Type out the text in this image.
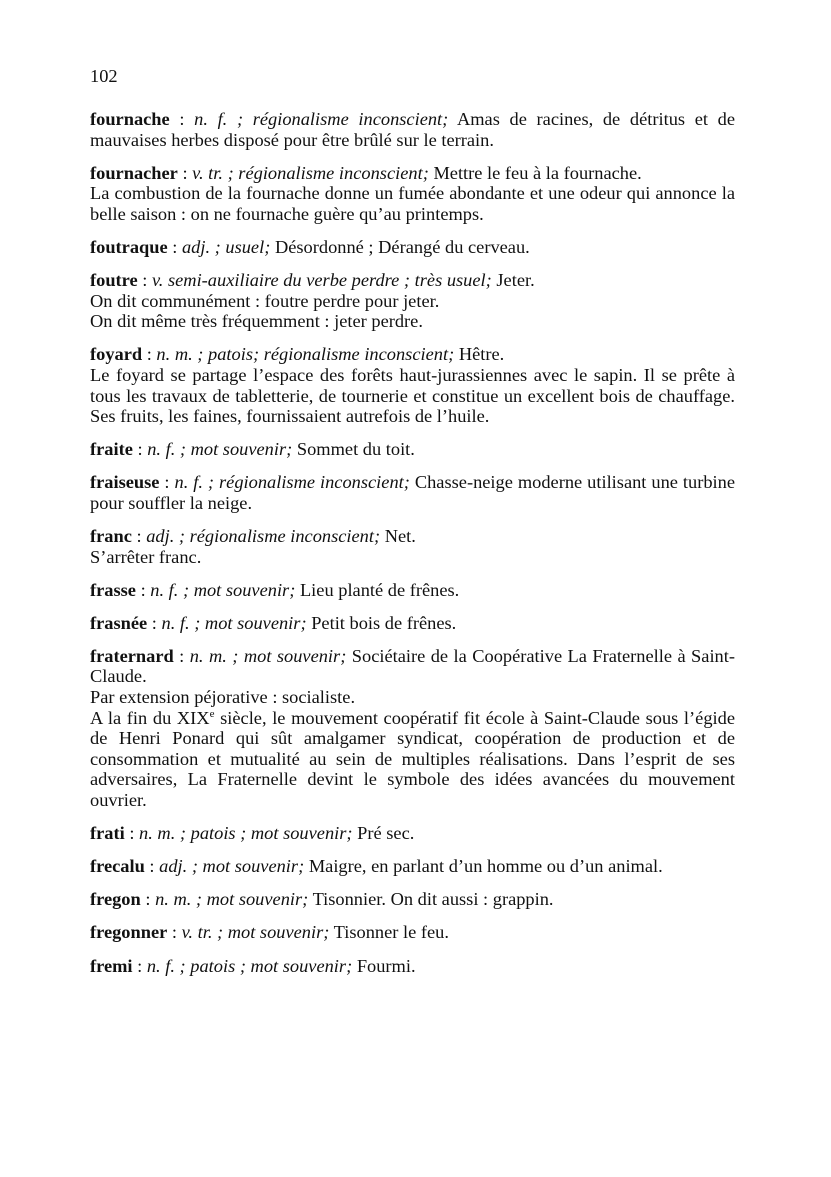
102
fournache : n. f. ; régionalisme inconscient; Amas de racines, de détritus et de mauvaises herbes disposé pour être brûlé sur le terrain.
fournacher : v. tr. ; régionalisme inconscient; Mettre le feu à la fournache.
La combustion de la fournache donne un fumée abondante et une odeur qui annonce la belle saison : on ne fournache guère qu’au printemps.
foutraque : adj. ; usuel; Désordonné ; Dérangé du cerveau.
foutre : v. semi-auxiliaire du verbe perdre ; très usuel; Jeter.
On dit communément : foutre perdre pour jeter.
On dit même très fréquemment : jeter perdre.
foyard : n. m. ; patois; régionalisme inconscient; Hêtre.
Le foyard se partage l’espace des forêts haut-jurassiennes avec le sapin. Il se prête à tous les travaux de tabletterie, de tournerie et constitue un excellent bois de chauffage. Ses fruits, les faines, fournissaient autrefois de l’huile.
fraite : n. f. ; mot souvenir; Sommet du toit.
fraiseuse : n. f. ; régionalisme inconscient; Chasse-neige moderne utilisant une turbine pour souffler la neige.
franc : adj. ; régionalisme inconscient; Net.
S’arrêter franc.
frasse : n. f. ; mot souvenir; Lieu planté de frênes.
frasnée : n. f. ; mot souvenir; Petit bois de frênes.
fraternard : n. m. ; mot souvenir; Sociétaire de la Coopérative La Fraternelle à Saint-Claude.
Par extension péjorative : socialiste.
A la fin du XIXe siècle, le mouvement coopératif fit école à Saint-Claude sous l’égide de Henri Ponard qui sût amalgamer syndicat, coopération de production et de consommation et mutualité au sein de multiples réalisations. Dans l’esprit de ses adversaires, La Fraternelle devint le symbole des idées avancées du mouvement ouvrier.
frati : n. m. ; patois ; mot souvenir; Pré sec.
frecalu : adj. ; mot souvenir; Maigre, en parlant d’un homme ou d’un animal.
fregon : n. m. ; mot souvenir; Tisonnier. On dit aussi : grappin.
fregonner : v. tr. ; mot souvenir; Tisonner le feu.
fremi : n. f. ; patois ; mot souvenir; Fourmi.
